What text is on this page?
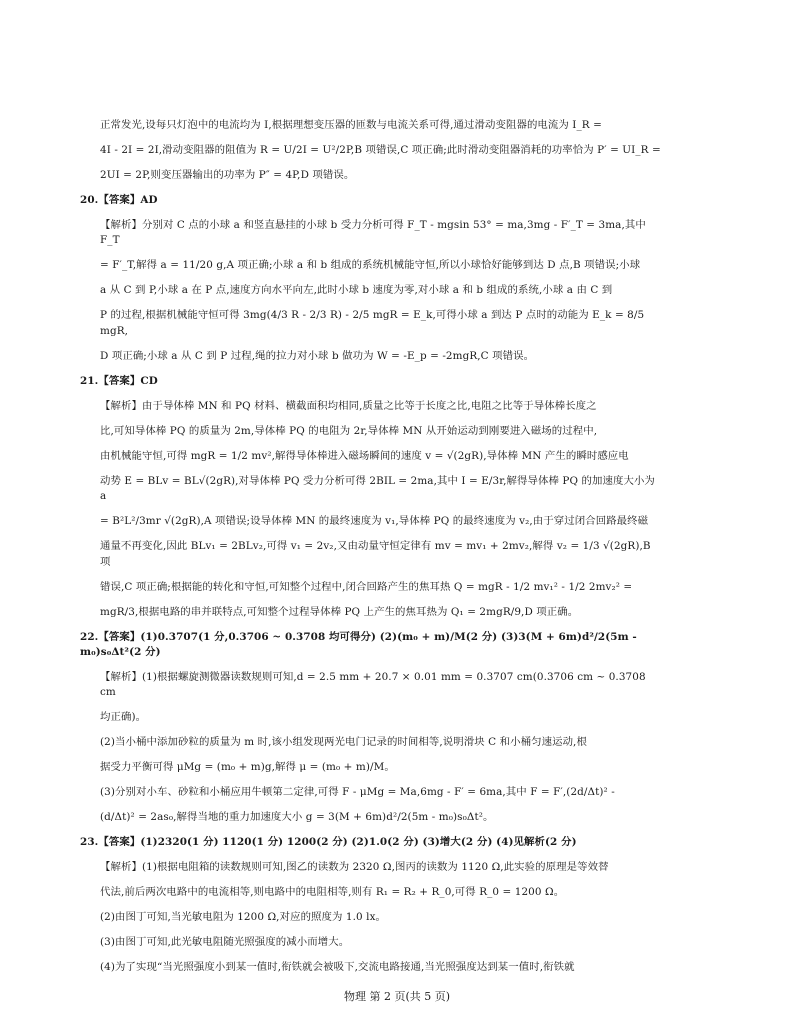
正常发光,设每只灯泡中的电流均为 I,根据理想变压器的匝数与电流关系可得,通过滑动变阻器的电流为 I_R =

4I - 2I = 2I,滑动变阻器的阻值为 R = U/2I = U²/2P,B 项错误,C 项正确;此时滑动变阻器消耗的功率恰为 P′ = UI_R =

2UI = 2P,则变压器输出的功率为 P″ = 4P,D 项错误。

20.【答案】AD

【解析】分别对 C 点的小球 a 和竖直悬挂的小球 b 受力分析可得 F_T - mgsin 53° = ma,3mg - F′_T = 3ma,其中 F_T

= F′_T,解得 a = 11/20 g,A 项正确;小球 a 和 b 组成的系统机械能守恒,所以小球恰好能够到达 D 点,B 项错误;小球

a 从 C 到 P,小球 a 在 P 点,速度方向水平向左,此时小球 b 速度为零,对小球 a 和 b 组成的系统,小球 a 由 C 到

P 的过程,根据机械能守恒可得 3mg(4/3 R - 2/3 R) - 2/5 mgR = E_k,可得小球 a 到达 P 点时的动能为 E_k = 8/5 mgR,

D 项正确;小球 a 从 C 到 P 过程,绳的拉力对小球 b 做功为 W = -E_p = -2mgR,C 项错误。

21.【答案】CD

【解析】由于导体棒 MN 和 PQ 材料、横截面积均相同,质量之比等于长度之比,电阻之比等于导体棒长度之

比,可知导体棒 PQ 的质量为 2m,导体棒 PQ 的电阻为 2r,导体棒 MN 从开始运动到刚要进入磁场的过程中,

由机械能守恒,可得 mgR = 1/2 mv²,解得导体棒进入磁场瞬间的速度 v = √(2gR),导体棒 MN 产生的瞬时感应电

动势 E = BLv = BL√(2gR),对导体棒 PQ 受力分析可得 2BIL = 2ma,其中 I = E/3r,解得导体棒 PQ 的加速度大小为 a

= B²L²/3mr √(2gR),A 项错误;设导体棒 MN 的最终速度为 v₁,导体棒 PQ 的最终速度为 v₂,由于穿过闭合回路最终磁

通量不再变化,因此 BLv₁ = 2BLv₂,可得 v₁ = 2v₂,又由动量守恒定律有 mv = mv₁ + 2mv₂,解得 v₂ = 1/3 √(2gR),B 项

错误,C 项正确;根据能的转化和守恒,可知整个过程中,闭合回路产生的焦耳热 Q = mgR - 1/2 mv₁² - 1/2 2mv₂² =

mgR/3,根据电路的串并联特点,可知整个过程导体棒 PQ 上产生的焦耳热为 Q₁ = 2mgR/9,D 项正确。

22.【答案】(1)0.3707(1 分,0.3706 ~ 0.3708 均可得分) (2)(m₀ + m)/M(2 分) (3)3(M + 6m)d²/2(5m - m₀)s₀Δt²(2 分)

【解析】(1)根据螺旋测微器读数规则可知,d = 2.5 mm + 20.7 × 0.01 mm = 0.3707 cm(0.3706 cm ~ 0.3708 cm

均正确)。

(2)当小桶中添加砂粒的质量为 m 时,该小组发现两光电门记录的时间相等,说明滑块 C 和小桶匀速运动,根

据受力平衡可得 μMg = (m₀ + m)g,解得 μ = (m₀ + m)/M。

(3)分别对小车、砂粒和小桶应用牛顿第二定律,可得 F - μMg = Ma,6mg - F′ = 6ma,其中 F = F′,(2d/Δt)² -

(d/Δt)² = 2as₀,解得当地的重力加速度大小 g = 3(M + 6m)d²/2(5m - m₀)s₀Δt²。

23.【答案】(1)2320(1 分) 1120(1 分) 1200(2 分) (2)1.0(2 分) (3)增大(2 分) (4)见解析(2 分)

【解析】(1)根据电阻箱的读数规则可知,图乙的读数为 2320 Ω,图丙的读数为 1120 Ω,此实验的原理是等效替

代法,前后两次电路中的电流相等,则电路中的电阻相等,则有 R₁ = R₂ + R_0,可得 R_0 = 1200 Ω。

(2)由图丁可知,当光敏电阻为 1200 Ω,对应的照度为 1.0 lx。

(3)由图丁可知,此光敏电阻随光照强度的减小而增大。

(4)为了实现“当光照强度小到某一值时,衔铁就会被吸下,交流电路接通,当光照强度达到某一值时,衔铁就

物理 第 2 页(共 5 页)
